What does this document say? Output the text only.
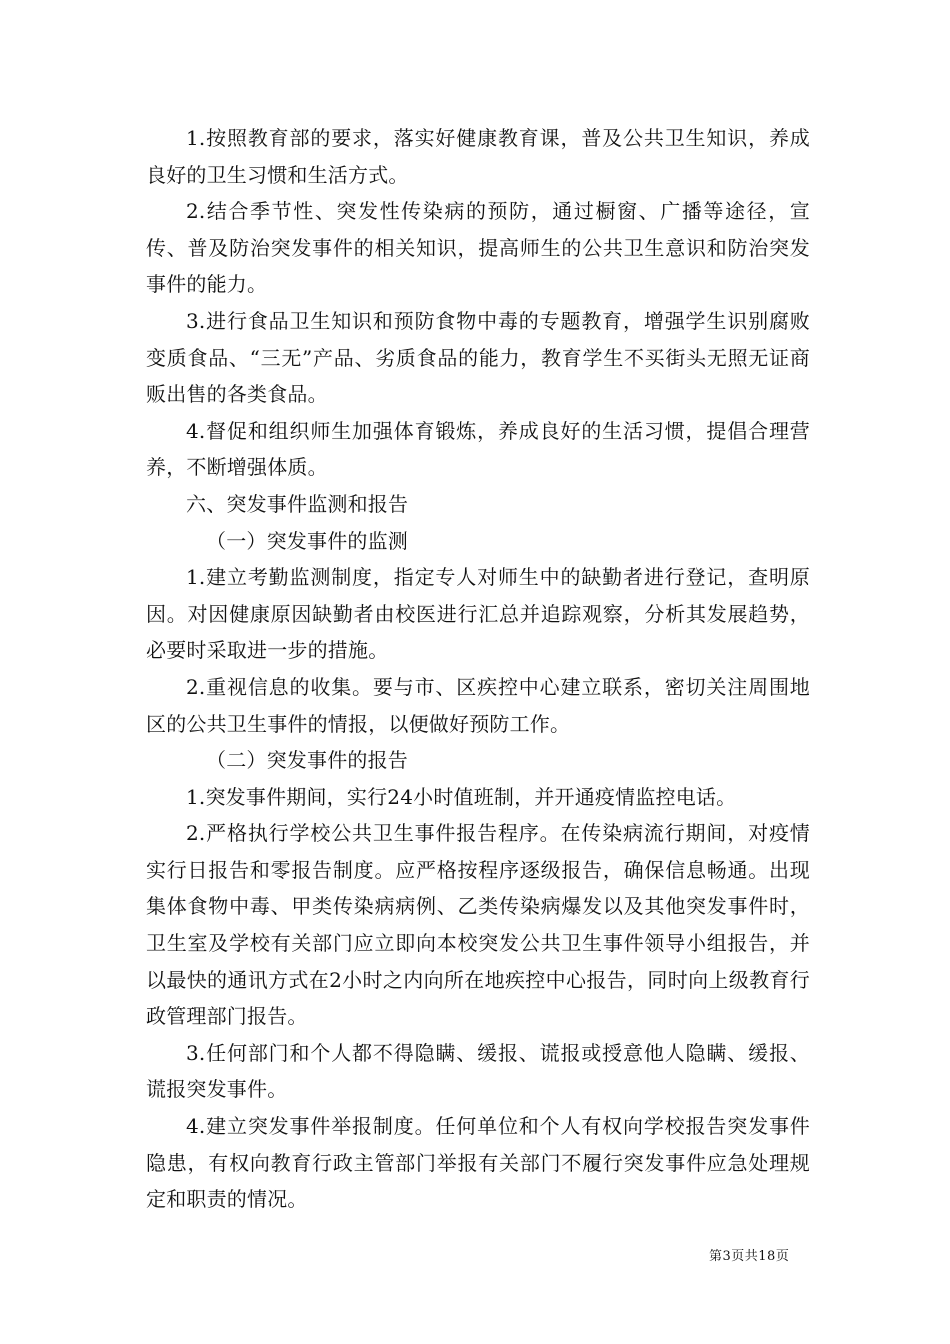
1.按照教育部的要求，落实好健康教育课，普及公共卫生知识，养成良好的卫生习惯和生活方式。

2.结合季节性、突发性传染病的预防，通过橱窗、广播等途径，宣传、普及防治突发事件的相关知识，提高师生的公共卫生意识和防治突发事件的能力。

3.进行食品卫生知识和预防食物中毒的专题教育，增强学生识别腐败变质食品、“三无”产品、劣质食品的能力，教育学生不买街头无照无证商贩出售的各类食品。

4.督促和组织师生加强体育锻炼，养成良好的生活习惯，提倡合理营养，不断增强体质。

六、突发事件监测和报告

（一）突发事件的监测

1.建立考勤监测制度，指定专人对师生中的缺勤者进行登记，查明原因。对因健康原因缺勤者由校医进行汇总并追踪观察，分析其发展趋势，必要时采取进一步的措施。

2.重视信息的收集。要与市、区疾控中心建立联系，密切关注周围地区的公共卫生事件的情报，以便做好预防工作。

（二）突发事件的报告

1.突发事件期间，实行24小时值班制，并开通疫情监控电话。

2.严格执行学校公共卫生事件报告程序。在传染病流行期间，对疫情实行日报告和零报告制度。应严格按程序逐级报告，确保信息畅通。出现集体食物中毒、甲类传染病病例、乙类传染病爆发以及其他突发事件时，卫生室及学校有关部门应立即向本校突发公共卫生事件领导小组报告，并以最快的通讯方式在2小时之内向所在地疾控中心报告，同时向上级教育行政管理部门报告。

3.任何部门和个人都不得隐瞒、缓报、谎报或授意他人隐瞒、缓报、谎报突发事件。

4.建立突发事件举报制度。任何单位和个人有权向学校报告突发事件隐患，有权向教育行政主管部门举报有关部门不履行突发事件应急处理规定和职责的情况。

第3页共18页
